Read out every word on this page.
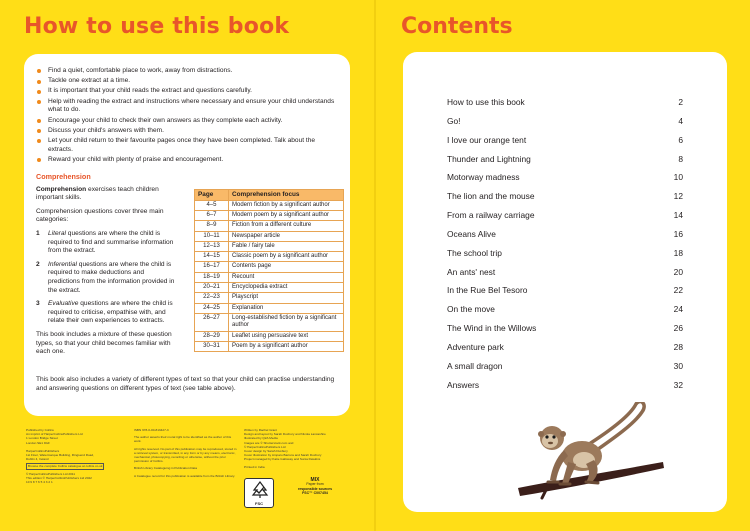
How to use this book
Find a quiet, comfortable place to work, away from distractions.
Tackle one extract at a time.
It is important that your child reads the extract and questions carefully.
Help with reading the extract and instructions where necessary and ensure your child understands what to do.
Encourage your child to check their own answers as they complete each activity.
Discuss your child's answers with them.
Let your child return to their favourite pages once they have been completed. Talk about the extracts.
Reward your child with plenty of praise and encouragement.
Comprehension

Comprehension exercises teach children important skills.

Comprehension questions cover three main categories:

1 Literal questions are where the child is required to find and summarise information from the extract.
2 Inferential questions are where the child is required to make deductions and predictions from the information provided in the extract.
3 Evaluative questions are where the child is required to criticise, empathise with, and relate their own experiences to extracts.

This book includes a mixture of these question types, so that your child becomes familiar with each one.

Page	Comprehension focus
4–5	Modern fiction by a significant author
6–7	Modern poem by a significant author
8–9	Fiction from a different culture
10–11	Newspaper article
12–13	Fable / fairy tale
14–15	Classic poem by a significant author
16–17	Contents page
18–19	Recount
20–21	Encyclopedia extract
22–23	Playscript
24–25	Explanation
26–27	Long-established fiction by a significant author
28–29	Leaflet using persuasive text
30–31	Poem by a significant author

This book also includes a variety of different types of text so that your child can practise understanding and answering questions on different types of text (see table above).

Published by Collins
An imprint of HarperCollinsPublishers Ltd
1 London Bridge Street
London SE1 9GF
HarperCollinsPublishers
1st Floor, Watermarque Building, Ringsend Road,
Dublin 4, Ireland
Browse the complete Collins catalogue at collins.co.uk
© HarperCollinsPublishers Ltd 2011
This edition © HarperCollinsPublishers Ltd 2022
10 9 8 7 6 5 4 3 2 1
ISBN 978-0-00-813427-3
The author asserts their moral right to be identified as the author of this work.
All rights reserved. No part of this publication may be reproduced, stored in a retrieval system, or transmitted, in any form or by any means, electronic, mechanical, photocopying, recording or otherwise, without the prior permission of Collins.
British Library Cataloguing in Publication Data
A Catalogue record for this publication is available from the British Library.
Written by Rachel Grant
Design and layout by Sarah Duxbury and Nicola Lancashire
Illustrated by Q2A Media
Images are © Shutterstock.com and
© HarperCollinsPublishers Ltd
Cover design by Sarah Duxbury
Cover illustration by Amparo Barrera and Sarah Duxbury
Project managed by Katie Galloway and Sonia Dawkins
Printed in India
FSC
MIX
Paper from
responsible sources
FSC™ C007454
Contents
How to use this book	2
Go!	4
I love our orange tent	6
Thunder and Lightning	8
Motorway madness	10
The lion and the mouse	12
From a railway carriage	14
Oceans Alive	16
The school trip	18
An ants' nest	20
In the Rue Bel Tesoro	22
On the move	24
The Wind in the Willows	26
Adventure park	28
A small dragon	30
Answers	32
